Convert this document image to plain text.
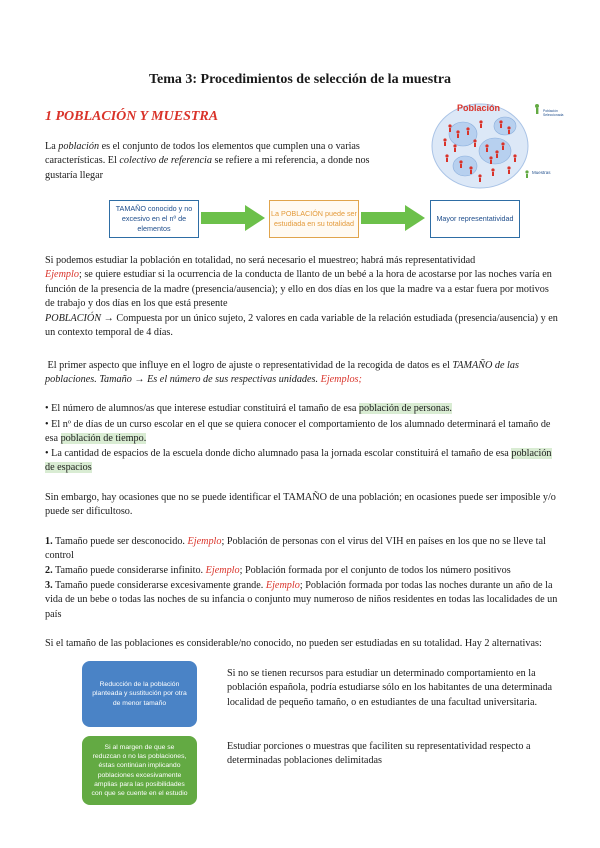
Tema 3: Procedimientos de selección de la muestra
1 POBLACIÓN Y MUESTRA

La población es el conjunto de todos los elementos que cumplen una o varias características. El colectivo de referencia se refiere a mi referencia, a donde nos gustaría llegar

Población	Población Seleccionada
Muestras
TAMAÑO conocido y no excesivo en el nº de elementos
La POBLACIÓN puede ser estudiada en su totalidad
Mayor representatividad

Si podemos estudiar la población en totalidad, no será necesario el muestreo; habrá más representatividad
Ejemplo; se quiere estudiar si la ocurrencia de la conducta de llanto de un bebé a la hora de acostarse por las noches varía en función de la presencia de la madre (presencia/ausencia); y ello en dos días en los que la madre va a estar fuera por motivos de trabajo y dos días en los que está presente
POBLACIÓN → Compuesta por un único sujeto, 2 valores en cada variable de la relación estudiada (presencia/ausencia) y en un contexto temporal de 4 días.

El primer aspecto que influye en el logro de ajuste o representatividad de la recogida de datos es el TAMAÑO de las poblaciones. Tamaño → Es el número de sus respectivas unidades. Ejemplos;

• El número de alumnos/as que interese estudiar constituirá el tamaño de esa población de personas.

• El nº de días de un curso escolar en el que se quiera conocer el comportamiento de los alumnado determinará el tamaño de esa población de tiempo.

• La cantidad de espacios de la escuela donde dicho alumnado pasa la jornada escolar constituirá el tamaño de esa población de espacios

Sin embargo, hay ocasiones que no se puede identificar el TAMAÑO de una población; en ocasiones puede ser imposible y/o puede ser dificultoso.

1. Tamaño puede ser desconocido. Ejemplo; Población de personas con el virus del VIH en países en los que no se lleve tal control

2. Tamaño puede considerarse infinito. Ejemplo; Población formada por el conjunto de todos los número positivos

3. Tamaño puede considerarse excesivamente grande. Ejemplo; Población formada por todas las noches durante un año de la vida de un bebe o todas las noches de su infancia o conjunto muy numeroso de niños residentes en todas las localidades de un país

Si el tamaño de las poblaciones es considerable/no conocido, no pueden ser estudiadas en su totalidad. Hay 2 alternativas:

Reducción de la población planteada y sustitución por otra de menor tamaño
Si al margen de que se reduzcan o no las poblaciones, éstas continúan implicando poblaciones excesivamente amplias para las posibilidades con que se cuente en el estudio

Si no se tienen recursos para estudiar un determinado comportamiento en la población española, podría estudiarse sólo en los habitantes de una determinada localidad de pequeño tamaño, o en estudiantes de una facultad universitaria.

Estudiar porciones o muestras que faciliten su representatividad respecto a determinadas poblaciones delimitadas
